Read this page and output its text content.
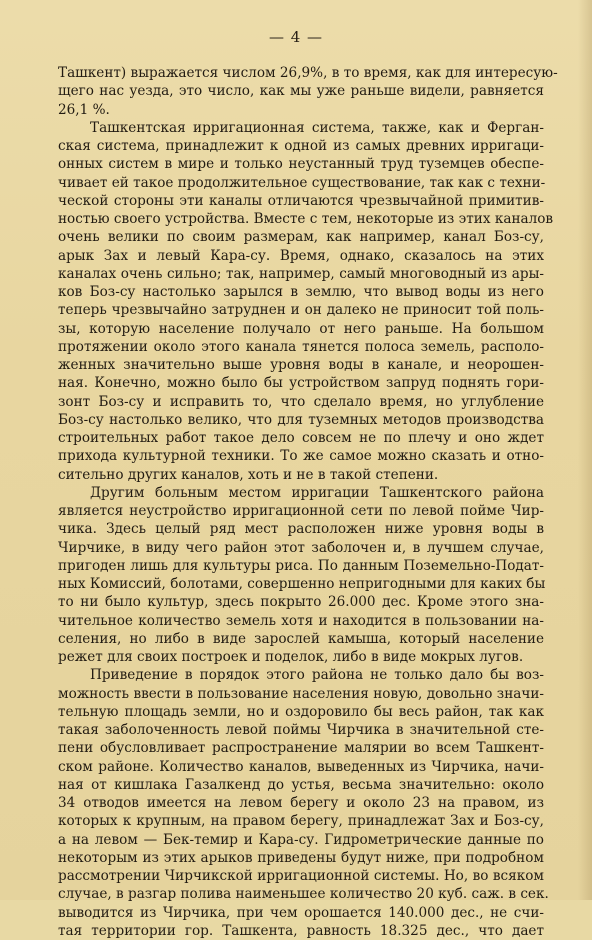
— 4 —
Ташкент) выражается числом 26,9%, в то время, как для интересую-
щего нас уезда, это число, как мы уже раньше видели, равняется
26,1 %.
Ташкентская ирригационная система, также, как и Ферган-
ская система, принадлежит к одной из самых древних ирригаци-
онных систем в мире и только неустанный труд туземцев обеспе-
чивает ей такое продолжительное существование, так как с техни-
ческой стороны эти каналы отличаются чрезвычайной примитив-
ностью своего устройства. Вместе с тем, некоторые из этих каналов
очень велики по своим размерам, как например, канал Боз-су,
арык Зах и левый Кара-су. Время, однако, сказалось на этих
каналах очень сильно; так, например, самый многоводный из ары-
ков Боз-су настолько зарылся в землю, что вывод воды из него
теперь чрезвычайно затруднен и он далеко не приносит той поль-
зы, которую население получало от него раньше. На большом
протяжении около этого канала тянется полоса земель, располо-
женных значительно выше уровня воды в канале, и неорошен-
ная. Конечно, можно было бы устройством запруд поднять гори-
зонт Боз-су и исправить то, что сделало время, но углубление
Боз-су настолько велико, что для туземных методов производства
строительных работ такое дело совсем не по плечу и оно ждет
прихода культурной техники. То же самое можно сказать и отно-
сительно других каналов, хоть и не в такой степени.
Другим больным местом ирригации Ташкентского района
является неустройство ирригационной сети по левой пойме Чир-
чика. Здесь целый ряд мест расположен ниже уровня воды в
Чирчике, в виду чего район этот заболочен и, в лучшем случае,
пригоден лишь для культуры риса. По данным Поземельно-Подат-
ных Комиссий, болотами, совершенно непригодными для каких бы
то ни было культур, здесь покрыто 26.000 дес. Кроме этого зна-
чительное количество земель хотя и находится в пользовании на-
селения, но либо в виде зарослей камыша, который население
режет для своих построек и поделок, либо в виде мокрых лугов.
Приведение в порядок этого района не только дало бы воз-
можность ввести в пользование населения новую, довольно значи-
тельную площадь земли, но и оздоровило бы весь район, так как
такая заболоченность левой поймы Чирчика в значительной сте-
пени обусловливает распространение малярии во всем Ташкент-
ском районе. Количество каналов, выведенных из Чирчика, начи-
ная от кишлака Газалкенд до устья, весьма значительно: около
34 отводов имеется на левом берегу и около 23 на правом, из
которых к крупным, на правом берегу, принадлежат Зах и Боз-су,
а на левом — Бек-темир и Кара-су. Гидрометрические данные по
некоторым из этих арыков приведены будут ниже, при подробном
рассмотрении Чирчикской ирригационной системы. Но, во всяком
случае, в разгар полива наименьшее количество 20 куб. саж. в сек.
выводится из Чирчика, при чем орошается 140.000 дес., не счи-
тая территории гор. Ташкента, равность 18.325 дес., что дает
